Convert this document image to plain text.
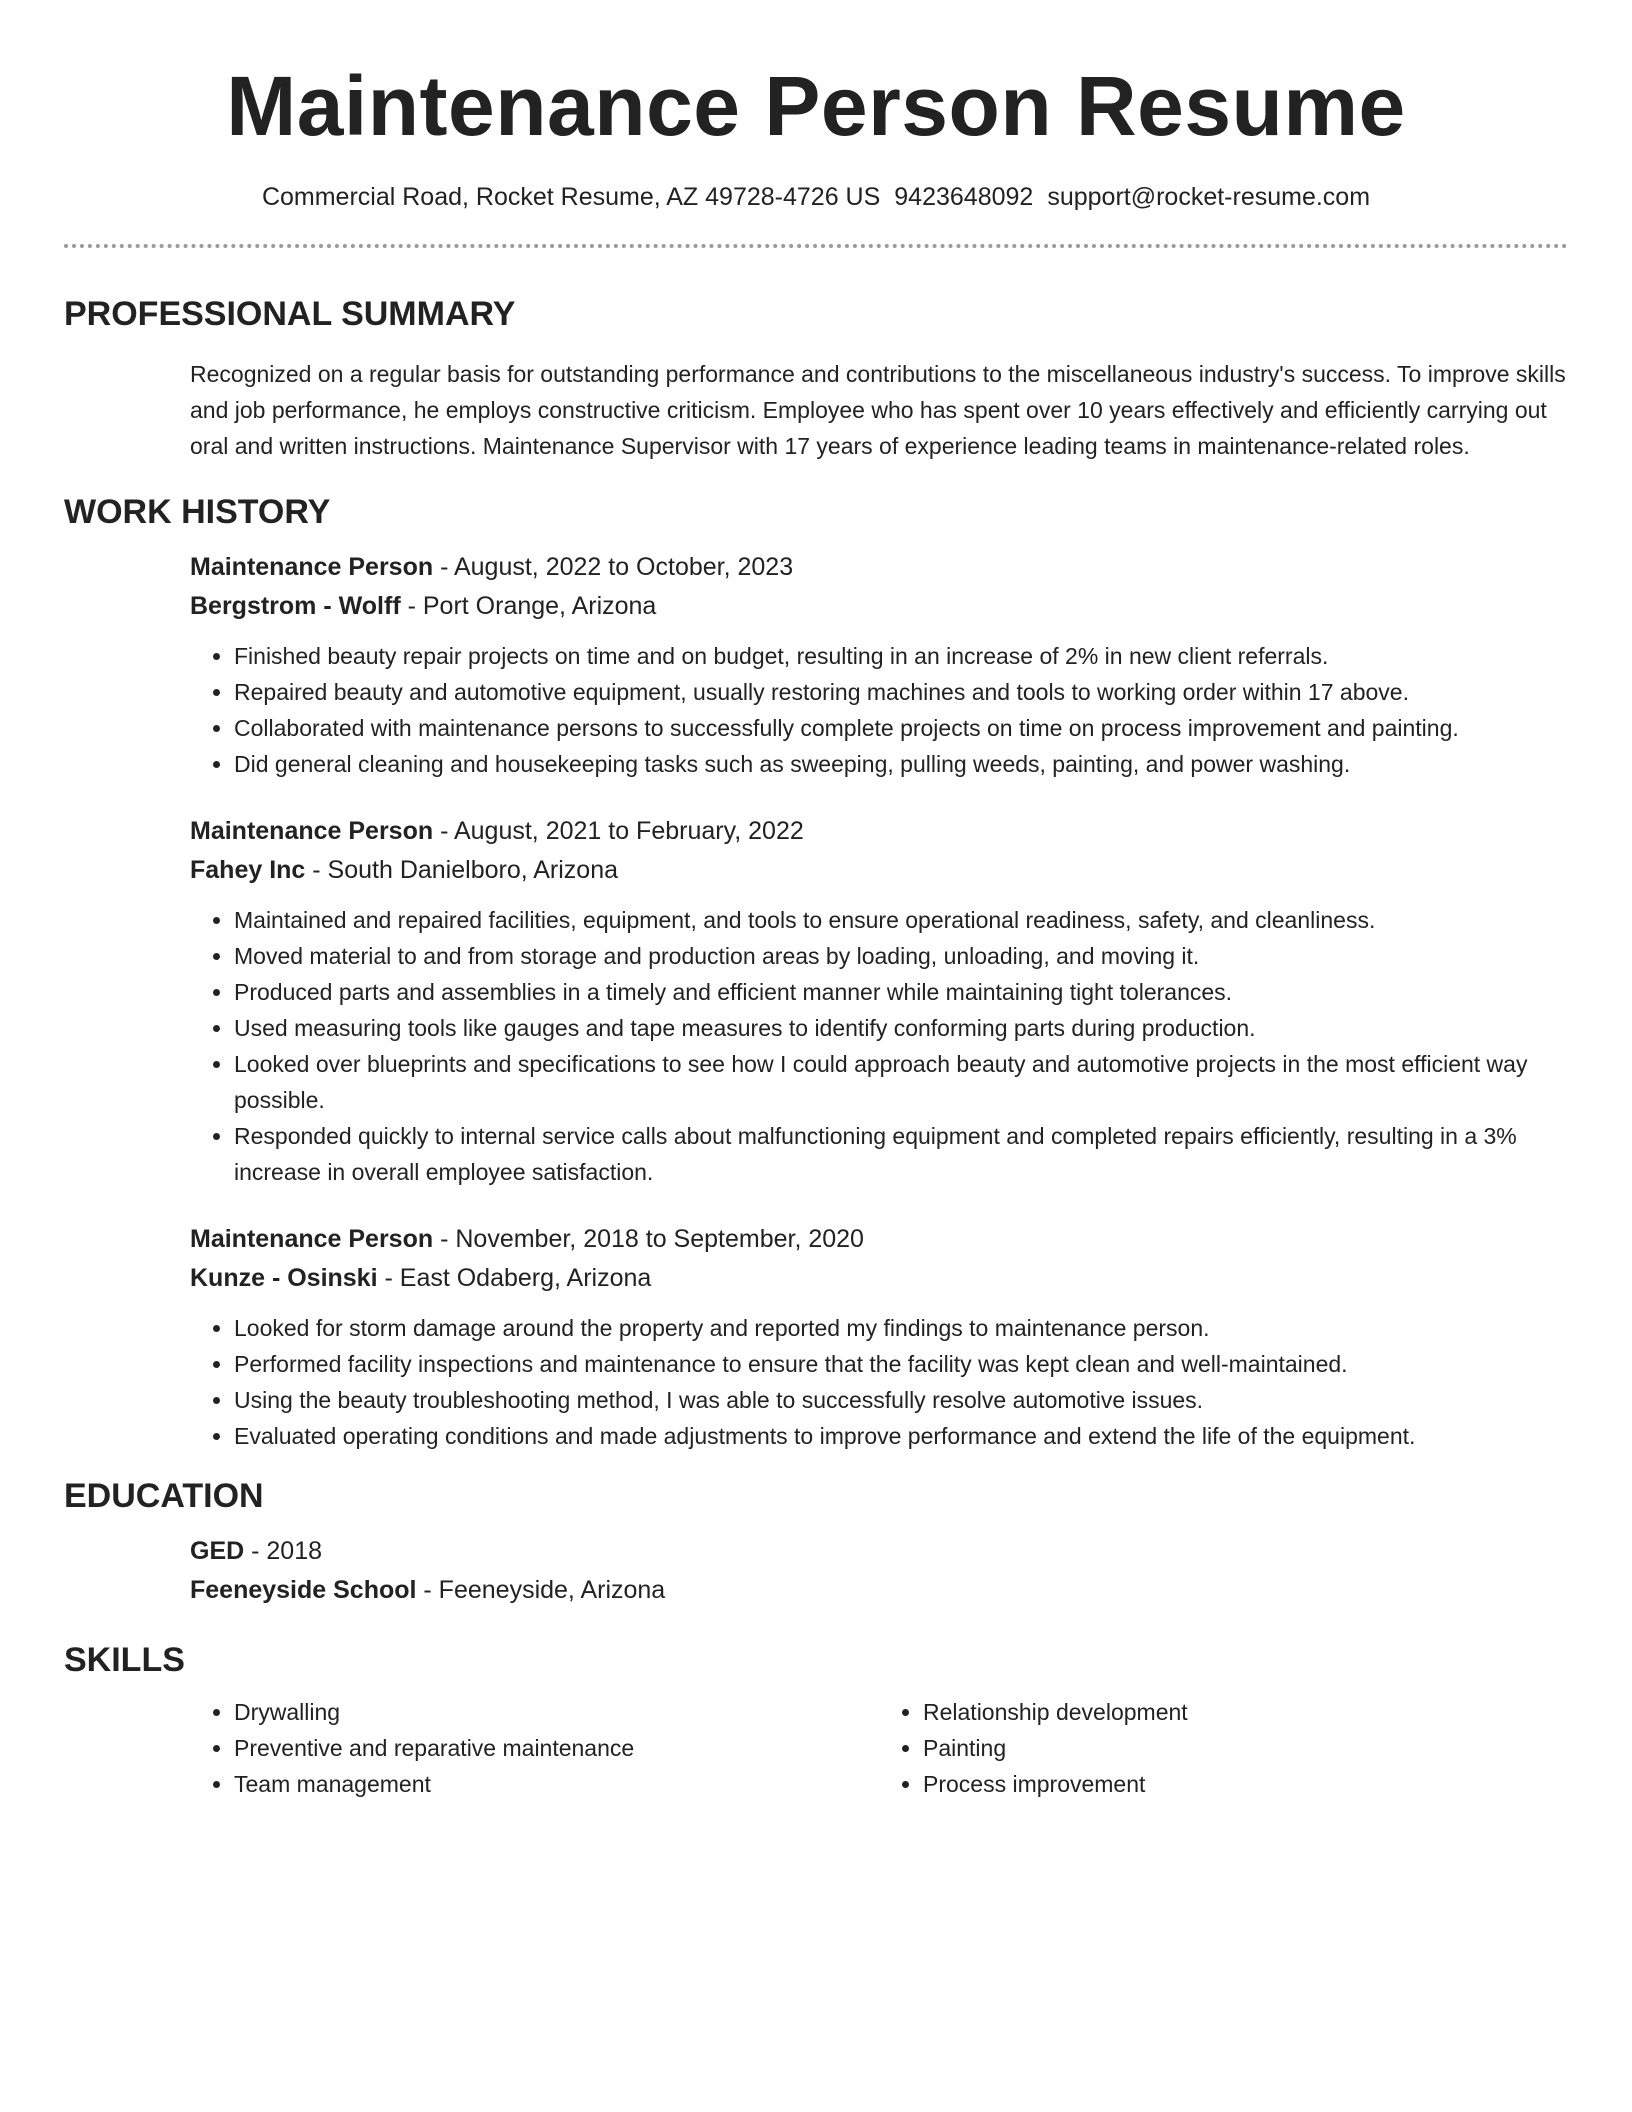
Maintenance Person Resume
Commercial Road, Rocket Resume, AZ 49728-4726 US 9423648092 support@rocket-resume.com
PROFESSIONAL SUMMARY
Recognized on a regular basis for outstanding performance and contributions to the miscellaneous industry's success. To improve skills and job performance, he employs constructive criticism. Employee who has spent over 10 years effectively and efficiently carrying out oral and written instructions. Maintenance Supervisor with 17 years of experience leading teams in maintenance-related roles.
WORK HISTORY
Maintenance Person - August, 2022 to October, 2023
Bergstrom - Wolff - Port Orange, Arizona
• Finished beauty repair projects on time and on budget, resulting in an increase of 2% in new client referrals.
• Repaired beauty and automotive equipment, usually restoring machines and tools to working order within 17 above.
• Collaborated with maintenance persons to successfully complete projects on time on process improvement and painting.
• Did general cleaning and housekeeping tasks such as sweeping, pulling weeds, painting, and power washing.
Maintenance Person - August, 2021 to February, 2022
Fahey Inc - South Danielboro, Arizona
• Maintained and repaired facilities, equipment, and tools to ensure operational readiness, safety, and cleanliness.
• Moved material to and from storage and production areas by loading, unloading, and moving it.
• Produced parts and assemblies in a timely and efficient manner while maintaining tight tolerances.
• Used measuring tools like gauges and tape measures to identify conforming parts during production.
• Looked over blueprints and specifications to see how I could approach beauty and automotive projects in the most efficient way possible.
• Responded quickly to internal service calls about malfunctioning equipment and completed repairs efficiently, resulting in a 3% increase in overall employee satisfaction.
Maintenance Person - November, 2018 to September, 2020
Kunze - Osinski - East Odaberg, Arizona
• Looked for storm damage around the property and reported my findings to maintenance person.
• Performed facility inspections and maintenance to ensure that the facility was kept clean and well-maintained.
• Using the beauty troubleshooting method, I was able to successfully resolve automotive issues.
• Evaluated operating conditions and made adjustments to improve performance and extend the life of the equipment.
EDUCATION
GED - 2018
Feeneyside School - Feeneyside, Arizona
SKILLS
• Drywalling
• Preventive and reparative maintenance
• Team management
• Relationship development
• Painting
• Process improvement
